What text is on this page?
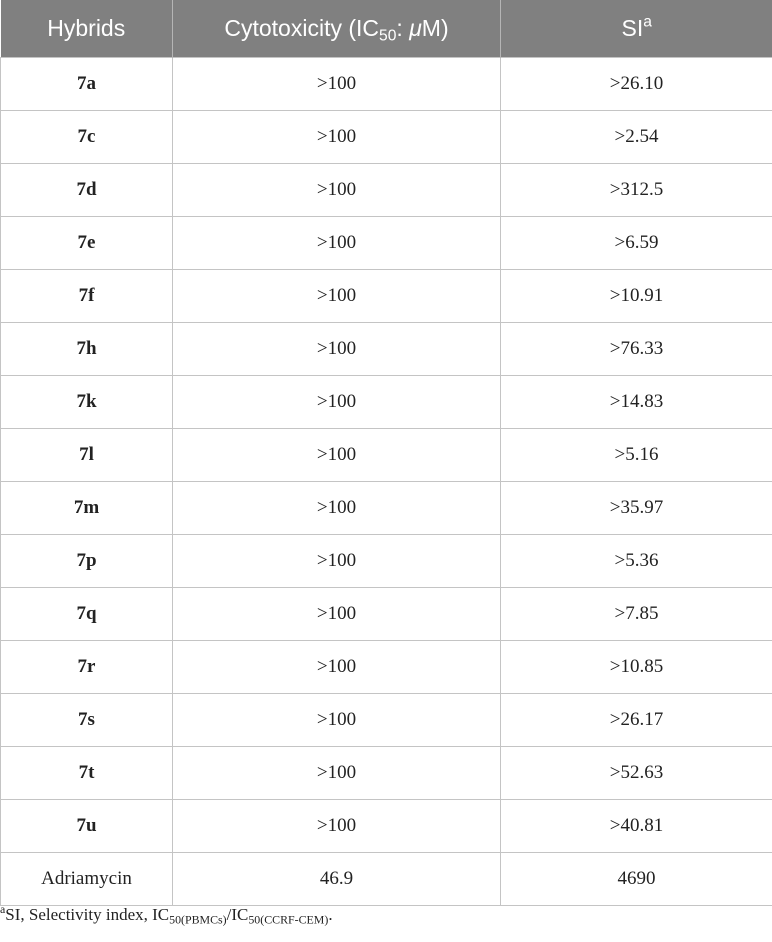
Hybrids	Cytotoxicity ($IC_{50}$: μM)	$SI^a$
7a	>100	>26.10
7c	>100	>2.54
7d	>100	>312.5
7e	>100	>6.59
7f	>100	>10.91
7h	>100	>76.33
7k	>100	>14.83
7l	>100	>5.16
7m	>100	>35.97
7p	>100	>5.36
7q	>100	>7.85
7r	>100	>10.85
7s	>100	>26.17
7t	>100	>52.63
7u	>100	>40.81
Adriamycin	46.9	4690
$^a$SI, Selectivity index, $IC_{50(PBMCs)}/IC_{50(CCRF-CEM)}$.
